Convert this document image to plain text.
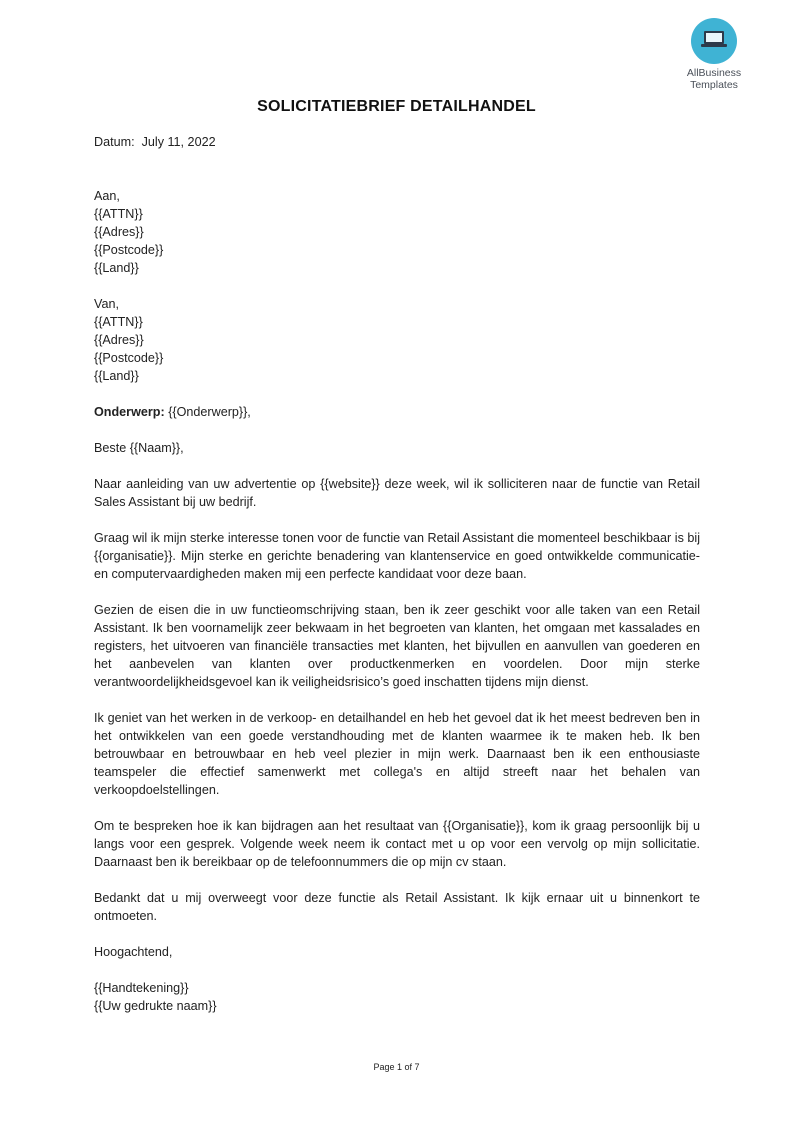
AllBusiness
Templates
SOLICITATIEBRIEF DETAILHANDEL

Datum: July 11, 2022

Aan,

{{ATTN}}

{{Adres}}

{{Postcode}}

{{Land}}

Van,

{{ATTN}}

{{Adres}}

{{Postcode}}

{{Land}}

Onderwerp: {{Onderwerp}},

Beste {{Naam}},

Naar aanleiding van uw advertentie op {{website}} deze week, wil ik solliciteren naar de functie van Retail Sales Assistant bij uw bedrijf.

Graag wil ik mijn sterke interesse tonen voor de functie van Retail Assistant die momenteel beschikbaar is bij {{organisatie}}. Mijn sterke en gerichte benadering van klantenservice en goed ontwikkelde communicatie- en computervaardigheden maken mij een perfecte kandidaat voor deze baan.

Gezien de eisen die in uw functieomschrijving staan, ben ik zeer geschikt voor alle taken van een Retail Assistant. Ik ben voornamelijk zeer bekwaam in het begroeten van klanten, het omgaan met kassalades en registers, het uitvoeren van financiële transacties met klanten, het bijvullen en aanvullen van goederen en het aanbevelen van klanten over productkenmerken en voordelen. Door mijn sterke verantwoordelijkheidsgevoel kan ik veiligheidsrisico’s goed inschatten tijdens mijn dienst.

Ik geniet van het werken in de verkoop- en detailhandel en heb het gevoel dat ik het meest bedreven ben in het ontwikkelen van een goede verstandhouding met de klanten waarmee ik te maken heb. Ik ben betrouwbaar en betrouwbaar en heb veel plezier in mijn werk. Daarnaast ben ik een enthousiaste teamspeler die effectief samenwerkt met collega's en altijd streeft naar het behalen van verkoopdoelstellingen.

Om te bespreken hoe ik kan bijdragen aan het resultaat van {{Organisatie}}, kom ik graag persoonlijk bij u langs voor een gesprek. Volgende week neem ik contact met u op voor een vervolg op mijn sollicitatie. Daarnaast ben ik bereikbaar op de telefoonnummers die op mijn cv staan.

Bedankt dat u mij overweegt voor deze functie als Retail Assistant. Ik kijk ernaar uit u binnenkort te ontmoeten.

Hoogachtend,

{{Handtekening}}

{{Uw gedrukte naam}}

Page 1 of 7
